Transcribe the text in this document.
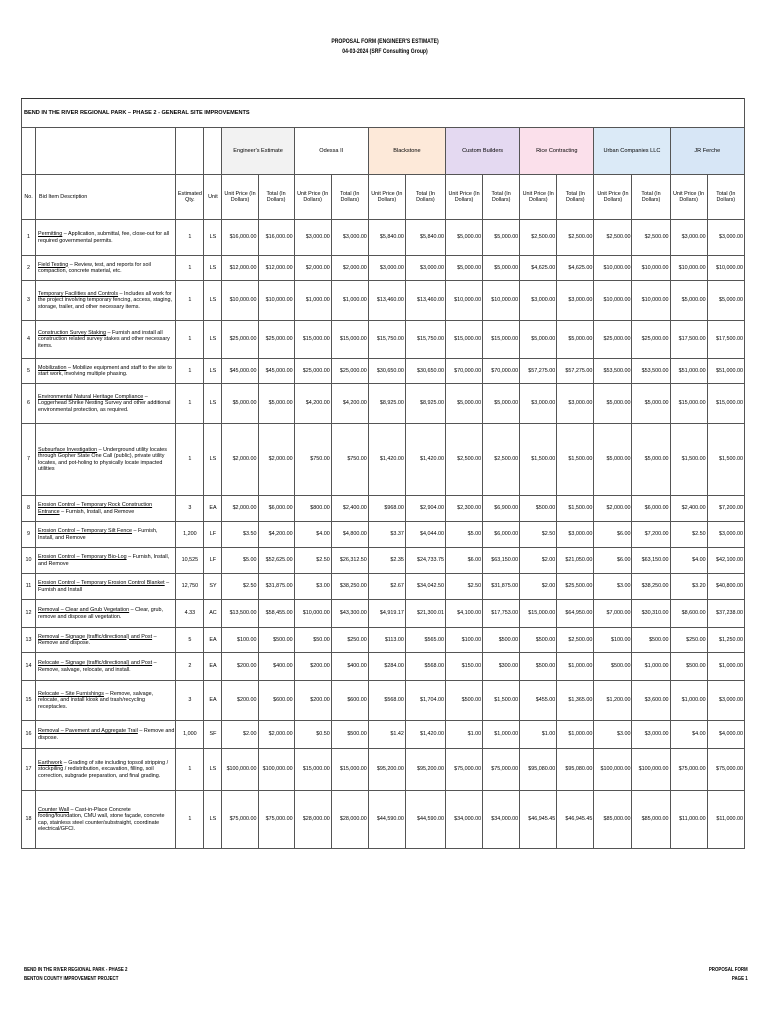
PROPOSAL FORM (ENGINEER'S ESTIMATE)
04-03-2024 (SRF Consulting Group)
BEND IN THE RIVER REGIONAL PARK – PHASE 2 - GENERAL SITE IMPROVEMENTS																	
				Engineer's Estimate		Odessa II		Blackstone		Custom Builders		Rice Contracting		Urban Companies LLC		JR Ferche	
No.	Bid Item Description	Estimated Qty.	Unit	Unit Price (In Dollars)	Total (In Dollars)	Unit Price (In Dollars)	Total (In Dollars)	Unit Price (In Dollars)	Total (In Dollars)	Unit Price (In Dollars)	Total (In Dollars)	Unit Price (In Dollars)	Total (In Dollars)	Unit Price (In Dollars)	Total (In Dollars)	Unit Price (In Dollars)	Total (In Dollars)
1	Permitting – Application, submittal, fee, close-out for all required governmental permits.	1	LS	$16,000.00	$16,000.00	$3,000.00	$3,000.00	$5,840.00	$5,840.00	$5,000.00	$5,000.00	$2,500.00	$2,500.00	$2,500.00	$2,500.00	$3,000.00	$3,000.00
2	Field Testing – Review, test, and reports for soil compaction, concrete material, etc.	1	LS	$12,000.00	$12,000.00	$2,000.00	$2,000.00	$3,000.00	$3,000.00	$5,000.00	$5,000.00	$4,625.00	$4,625.00	$10,000.00	$10,000.00	$10,000.00	$10,000.00
3	Temporary Facilities and Controls – Includes all work for the project involving temporary fencing, access, staging, storage, trailer, and other necessary items.	1	LS	$10,000.00	$10,000.00	$1,000.00	$1,000.00	$13,460.00	$13,460.00	$10,000.00	$10,000.00	$3,000.00	$3,000.00	$10,000.00	$10,000.00	$5,000.00	$5,000.00
4	Construction Survey Staking – Furnish and install all construction related survey stakes and other necessary items.	1	LS	$25,000.00	$25,000.00	$15,000.00	$15,000.00	$15,750.00	$15,750.00	$15,000.00	$15,000.00	$5,000.00	$5,000.00	$25,000.00	$25,000.00	$17,500.00	$17,500.00
5	Mobilization – Mobilize equipment and staff to the site to start work, involving multiple phasing.	1	LS	$45,000.00	$45,000.00	$25,000.00	$25,000.00	$30,650.00	$30,650.00	$70,000.00	$70,000.00	$57,275.00	$57,275.00	$53,500.00	$53,500.00	$51,000.00	$51,000.00
6	Environmental Natural Heritage Compliance – Loggerhead Shrike Nesting Survey and other additional environmental protection, as required.	1	LS	$5,000.00	$5,000.00	$4,200.00	$4,200.00	$8,925.00	$8,925.00	$5,000.00	$5,000.00	$3,000.00	$3,000.00	$5,000.00	$5,000.00	$15,000.00	$15,000.00
7	Subsurface Investigation – Underground utility locates through Gopher State One Call (public), private utility locates, and pot-holing to physically locate impacted utilities	1	LS	$2,000.00	$2,000.00	$750.00	$750.00	$1,420.00	$1,420.00	$2,500.00	$2,500.00	$1,500.00	$1,500.00	$5,000.00	$5,000.00	$1,500.00	$1,500.00
8	Erosion Control – Temporary Rock Construction Entrance – Furnish, Install, and Remove	3	EA	$2,000.00	$6,000.00	$800.00	$2,400.00	$968.00	$2,904.00	$2,300.00	$6,900.00	$500.00	$1,500.00	$2,000.00	$6,000.00	$2,400.00	$7,200.00
9	Erosion Control – Temporary Silt Fence – Furnish, Install, and Remove	1,200	LF	$3.50	$4,200.00	$4.00	$4,800.00	$3.37	$4,044.00	$5.00	$6,000.00	$2.50	$3,000.00	$6.00	$7,200.00	$2.50	$3,000.00
10	Erosion Control – Temporary Bio-Log – Furnish, Install, and Remove	10,525	LF	$5.00	$52,625.00	$2.50	$26,312.50	$2.35	$24,733.75	$6.00	$63,150.00	$2.00	$21,050.00	$6.00	$63,150.00	$4.00	$42,100.00
11	Erosion Control – Temporary Erosion Control Blanket – Furnish and Install	12,750	SY	$2.50	$31,875.00	$3.00	$38,250.00	$2.67	$34,042.50	$2.50	$31,875.00	$2.00	$25,500.00	$3.00	$38,250.00	$3.20	$40,800.00
12	Removal – Clear and Grub Vegetation – Clear, grub, remove and dispose all vegetation.	4.33	AC	$13,500.00	$58,455.00	$10,000.00	$43,300.00	$4,919.17	$21,300.01	$4,100.00	$17,753.00	$15,000.00	$64,950.00	$7,000.00	$30,310.00	$8,600.00	$37,238.00
13	Removal – Signage (traffic/directional) and Post – Remove and dispose.	5	EA	$100.00	$500.00	$50.00	$250.00	$113.00	$565.00	$100.00	$500.00	$500.00	$2,500.00	$100.00	$500.00	$250.00	$1,250.00
14	Relocate – Signage (traffic/directional) and Post – Remove, salvage, relocate, and install.	2	EA	$200.00	$400.00	$200.00	$400.00	$284.00	$568.00	$150.00	$300.00	$500.00	$1,000.00	$500.00	$1,000.00	$500.00	$1,000.00
15	Relocate – Site Furnishings – Remove, salvage, relocate, and install kiosk and trash/recycling receptacles.	3	EA	$200.00	$600.00	$200.00	$600.00	$568.00	$1,704.00	$500.00	$1,500.00	$455.00	$1,365.00	$1,200.00	$3,600.00	$1,000.00	$3,000.00
16	Removal – Pavement and Aggregate Trail – Remove and dispose.	1,000	SF	$2.00	$2,000.00	$0.50	$500.00	$1.42	$1,420.00	$1.00	$1,000.00	$1.00	$1,000.00	$3.00	$3,000.00	$4.00	$4,000.00
17	Earthwork – Grading of site including topsoil stripping / stockpiling / redistribution, excavation, filling, soil correction, subgrade preparation, and final grading.	1	LS	$100,000.00	$100,000.00	$15,000.00	$15,000.00	$95,200.00	$95,200.00	$75,000.00	$75,000.00	$95,080.00	$95,080.00	$100,000.00	$100,000.00	$75,000.00	$75,000.00
18	Counter Wall – Cast-in-Place Concrete footing/foundation, CMU wall, stone façade, concrete cap, stainless steel counter/substraight, coordinate electrical/GFCI.	1	LS	$75,000.00	$75,000.00	$28,000.00	$28,000.00	$44,590.00	$44,590.00	$34,000.00	$34,000.00	$46,945.45	$46,945.45	$85,000.00	$85,000.00	$11,000.00	$11,000.00
BEND IN THE RIVER REGIONAL PARK - PHASE 2
BENTON COUNTY IMPROVEMENT PROJECT
PROPOSAL FORM
PAGE 1
